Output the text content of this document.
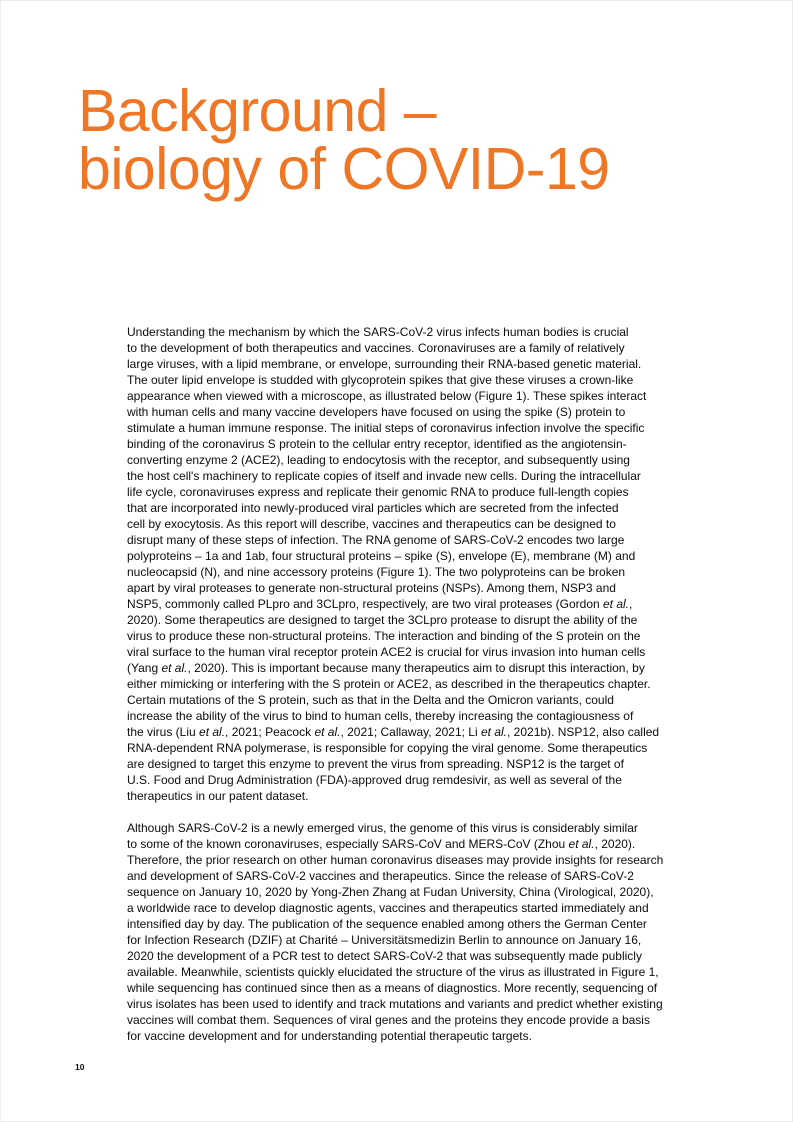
Background –
biology of COVID-19
Understanding the mechanism by which the SARS-CoV-2 virus infects human bodies is crucial
to the development of both therapeutics and vaccines. Coronaviruses are a family of relatively
large viruses, with a lipid membrane, or envelope, surrounding their RNA-based genetic material.
The outer lipid envelope is studded with glycoprotein spikes that give these viruses a crown-like
appearance when viewed with a microscope, as illustrated below (Figure 1). These spikes interact
with human cells and many vaccine developers have focused on using the spike (S) protein to
stimulate a human immune response. The initial steps of coronavirus infection involve the specific
binding of the coronavirus S protein to the cellular entry receptor, identified as the angiotensin-
converting enzyme 2 (ACE2), leading to endocytosis with the receptor, and subsequently using
the host cell's machinery to replicate copies of itself and invade new cells. During the intracellular
life cycle, coronaviruses express and replicate their genomic RNA to produce full-length copies
that are incorporated into newly-produced viral particles which are secreted from the infected
cell by exocytosis. As this report will describe, vaccines and therapeutics can be designed to
disrupt many of these steps of infection. The RNA genome of SARS-CoV-2 encodes two large
polyproteins – 1a and 1ab, four structural proteins – spike (S), envelope (E), membrane (M) and
nucleocapsid (N), and nine accessory proteins (Figure 1). The two polyproteins can be broken
apart by viral proteases to generate non-structural proteins (NSPs). Among them, NSP3 and
NSP5, commonly called PLpro and 3CLpro, respectively, are two viral proteases (Gordon et al.,
2020). Some therapeutics are designed to target the 3CLpro protease to disrupt the ability of the
virus to produce these non-structural proteins. The interaction and binding of the S protein on the
viral surface to the human viral receptor protein ACE2 is crucial for virus invasion into human cells
(Yang et al., 2020). This is important because many therapeutics aim to disrupt this interaction, by
either mimicking or interfering with the S protein or ACE2, as described in the therapeutics chapter.
Certain mutations of the S protein, such as that in the Delta and the Omicron variants, could
increase the ability of the virus to bind to human cells, thereby increasing the contagiousness of
the virus (Liu et al., 2021; Peacock et al., 2021; Callaway, 2021; Li et al., 2021b). NSP12, also called
RNA-dependent RNA polymerase, is responsible for copying the viral genome. Some therapeutics
are designed to target this enzyme to prevent the virus from spreading. NSP12 is the target of
U.S. Food and Drug Administration (FDA)-approved drug remdesivir, as well as several of the
therapeutics in our patent dataset.
Although SARS-CoV-2 is a newly emerged virus, the genome of this virus is considerably similar
to some of the known coronaviruses, especially SARS-CoV and MERS-CoV (Zhou et al., 2020).
Therefore, the prior research on other human coronavirus diseases may provide insights for research
and development of SARS-CoV-2 vaccines and therapeutics. Since the release of SARS-CoV-2
sequence on January 10, 2020 by Yong-Zhen Zhang at Fudan University, China (Virological, 2020),
a worldwide race to develop diagnostic agents, vaccines and therapeutics started immediately and
intensified day by day. The publication of the sequence enabled among others the German Center
for Infection Research (DZIF) at Charité – Universitätsmedizin Berlin to announce on January 16,
2020 the development of a PCR test to detect SARS-CoV-2 that was subsequently made publicly
available. Meanwhile, scientists quickly elucidated the structure of the virus as illustrated in Figure 1,
while sequencing has continued since then as a means of diagnostics. More recently, sequencing of
virus isolates has been used to identify and track mutations and variants and predict whether existing
vaccines will combat them. Sequences of viral genes and the proteins they encode provide a basis
for vaccine development and for understanding potential therapeutic targets.
10
